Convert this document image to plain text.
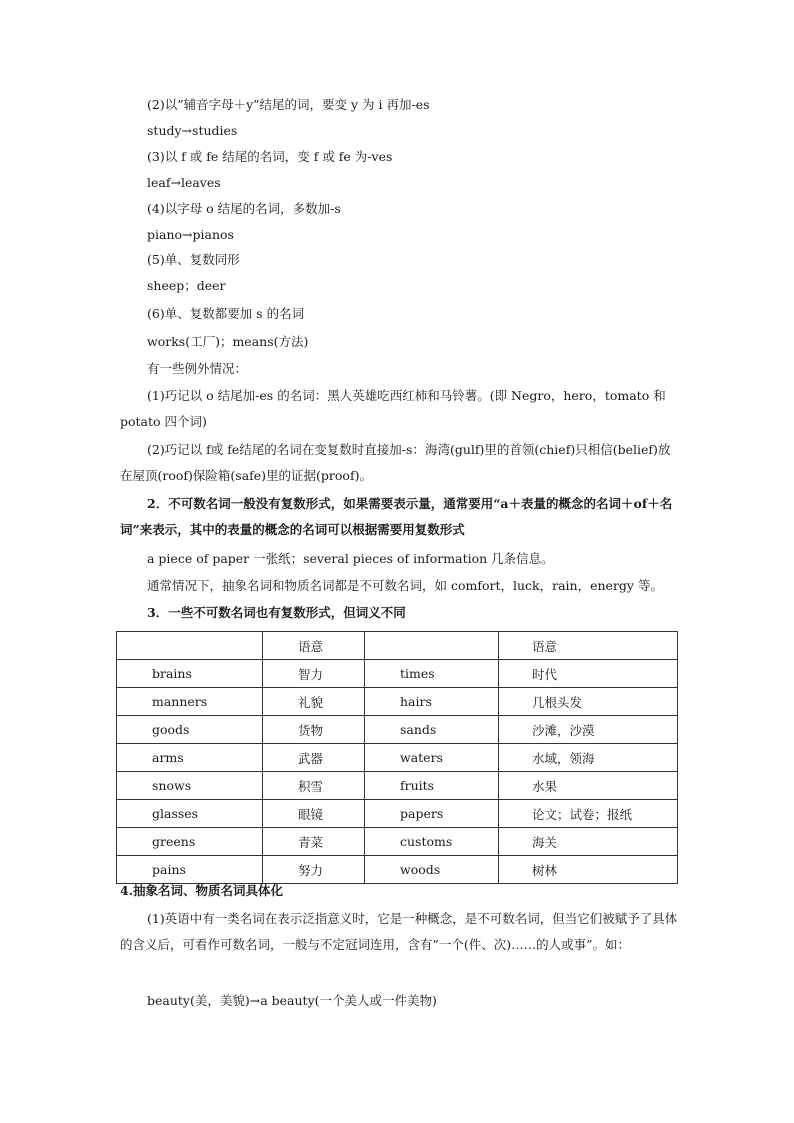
(2)以”辅音字母＋y”结尾的词，要变 y 为 i 再加-es
study→studies
(3)以 f 或 fe 结尾的名词，变 f 或 fe 为-ves
leaf→leaves
(4)以字母 o 结尾的名词，多数加-s
piano→pianos
(5)单、复数同形
sheep；deer
(6)单、复数都要加 s 的名词
works(工厂)；means(方法)
有一些例外情况：
(1)巧记以 o 结尾加-es 的名词：黑人英雄吃西红柿和马铃薯。(即 Negro，hero，tomato 和 potato 四个词)
(2)巧记以 f或 fe结尾的名词在变复数时直接加-s：海湾(gulf)里的首领(chief)只相信(belief)放在屋顶(roof)保险箱(safe)里的证据(proof)。
2．不可数名词一般没有复数形式，如果需要表示量，通常要用“a＋表量的概念的名词＋of＋名词”来表示，其中的表量的概念的名词可以根据需要用复数形式
a piece of paper 一张纸；several pieces of information 几条信息。
通常情况下，抽象名词和物质名词都是不可数名词，如 comfort，luck，rain，energy 等。
3．一些不可数名词也有复数形式，但词义不同
	语意		语意
brains	智力	times	时代
manners	礼貌	hairs	几根头发
goods	货物	sands	沙滩，沙漠
arms	武器	waters	水域，领海
snows	积雪	fruits	水果
glasses	眼镜	papers	论文；试卷；报纸
greens	青菜	customs	海关
pains	努力	woods	树林
4.抽象名词、物质名词具体化
(1)英语中有一类名词在表示泛指意义时，它是一种概念，是不可数名词，但当它们被赋予了具体的含义后，可看作可数名词，一般与不定冠词连用，含有”一个(件、次)……的人或事”。如：
beauty(美，美貌)→a beauty(一个美人或一件美物)
